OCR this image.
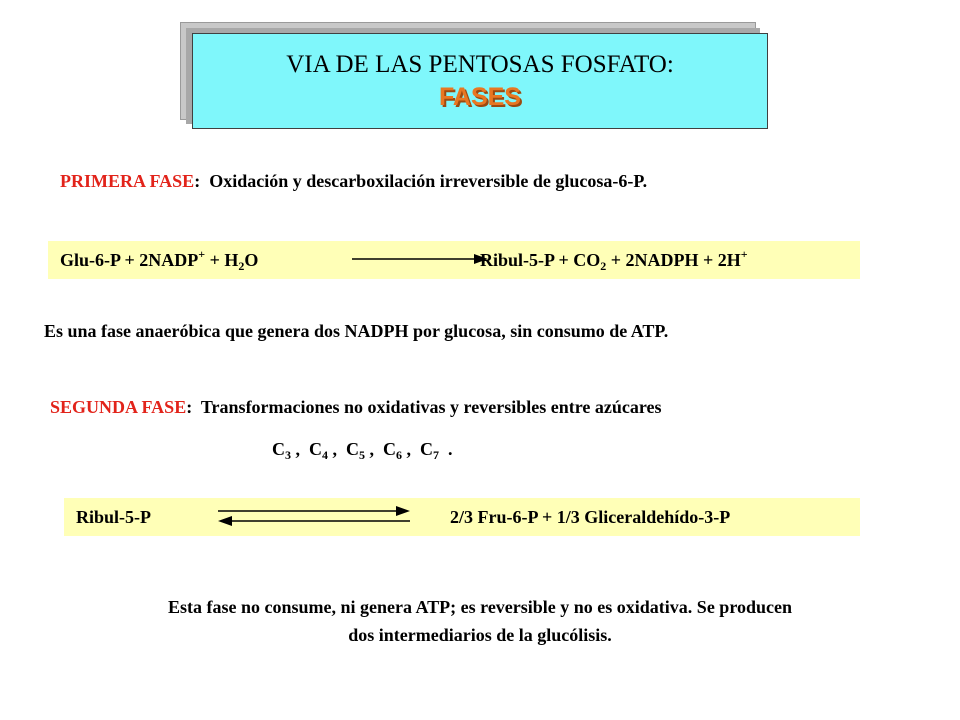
VIA DE LAS PENTOSAS FOSFATO:
FASES
PRIMERA FASE: Oxidación y descarboxilación irreversible de glucosa-6-P.
Glu-6-P + 2NADP+ + $H_2O$	Ribul-5-P + $CO_2$ + 2NADPH + 2H+
Es una fase anaeróbica que genera dos NADPH por glucosa, sin consumo de ATP.
SEGUNDA FASE: Transformaciones no oxidativas y reversibles entre azúcares
$C_3$ ,  $C_4$ ,  $C_5$ ,  $C_6$ ,  $C_7$  .
Ribul-5-P	2/3 Fru-6-P + 1/3 Gliceraldehído-3-P
Esta fase no consume, ni genera ATP; es reversible y no es oxidativa. Se producen
dos intermediarios de la glucólisis.
